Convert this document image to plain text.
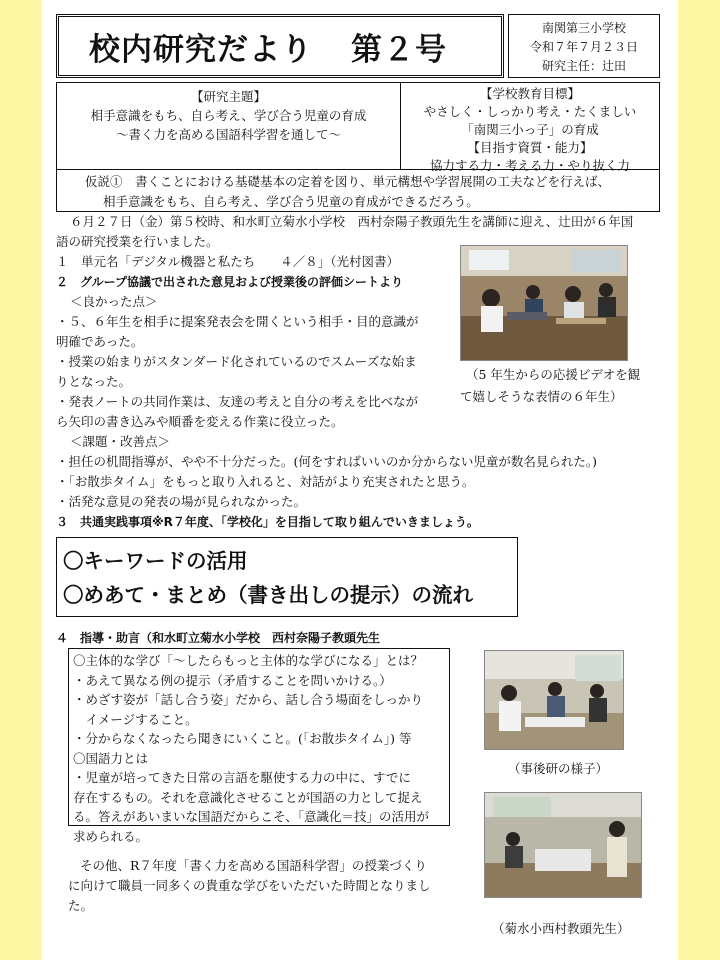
校内研究だより 第２号
南関第三小学校
令和７年７月２３日
研究主任：辻田
【研究主題】
相手意識をもち、自ら考え、学び合う児童の育成
～書く力を高める国語科学習を通して～
【学校教育目標】
やさしく・しっかり考え・たくましい
「南関三小っ子」の育成
【目指す資質・能力】
協力する力・考える力・やり抜く力
仮説①　書くことにおける基礎基本の定着を図り、単元構想や学習展開の工夫などを行えば、
相手意識をもち、自ら考え、学び合う児童の育成ができるだろう。
６月２７日（金）第５校時、和水町立菊水小学校　西村奈陽子教頭先生を講師に迎え、辻田が６年国
語の研究授業を行いました。
１　単元名「デジタル機器と私たち　　４／８」（光村図書）
２　グループ協議で出された意見および授業後の評価シートより
＜良かった点＞
・５、６年生を相手に提案発表会を開くという相手・目的意識が
明確であった。
・授業の始まりがスタンダード化されているのでスムーズな始ま
りとなった。
・発表ノートの共同作業は、友達の考えと自分の考えを比べなが
ら矢印の書き込みや順番を変える作業に役立った。
＜課題・改善点＞
・担任の机間指導が、やや不十分だった。(何をすればいいのか分からない児童が数名見られた。)
・「お散歩タイム」をもっと取り入れると、対話がより充実されたと思う。
・活発な意見の発表の場が見られなかった。
３　共通実践事項※R７年度、「学校化」を目指して取り組んでいきましょう。
（5 年生からの応援ビデオを観
て嬉しそうな表情の６年生）
〇キーワードの活用
〇めあて・まとめ（書き出しの提示）の流れ
４　指導・助言（和水町立菊水小学校　西村奈陽子教頭先生
〇主体的な学び「～したらもっと主体的な学びになる」とは？
・あえて異なる例の提示（矛盾することを問いかける。）
・めざす姿が「話し合う姿」だから、話し合う場面をしっかり
　イメージすること。
・分からなくなったら聞きにいくこと。(「お散歩タイム」) 等
〇国語力とは
・児童が培ってきた日常の言語を駆使する力の中に、すでに
存在するもの。それを意識化させることが国語の力として捉え
る。答えがあいまいな国語だからこそ、「意識化＝技」の活用が
求められる。
（事後研の様子）
その他、R７年度「書く力を高める国語科学習」の授業づくり
に向けて職員一同多くの貴重な学びをいただいた時間となりまし
た。
（菊水小西村教頭先生）
